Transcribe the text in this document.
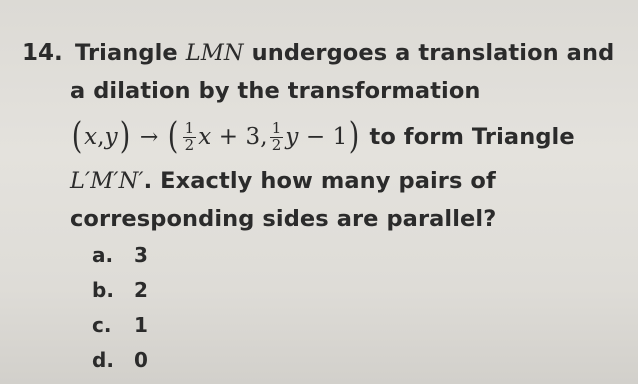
14. Triangle LMN undergoes a translation and
a dilation by the transformation
( x , y ) → ( $\frac{1}{2}$ x + 3, $\frac{1}{2}$ y − 1 ) to form Triangle
L′M′N′. Exactly how many pairs of
corresponding sides are parallel?
a. 3
b. 2
c. 1
d. 0
